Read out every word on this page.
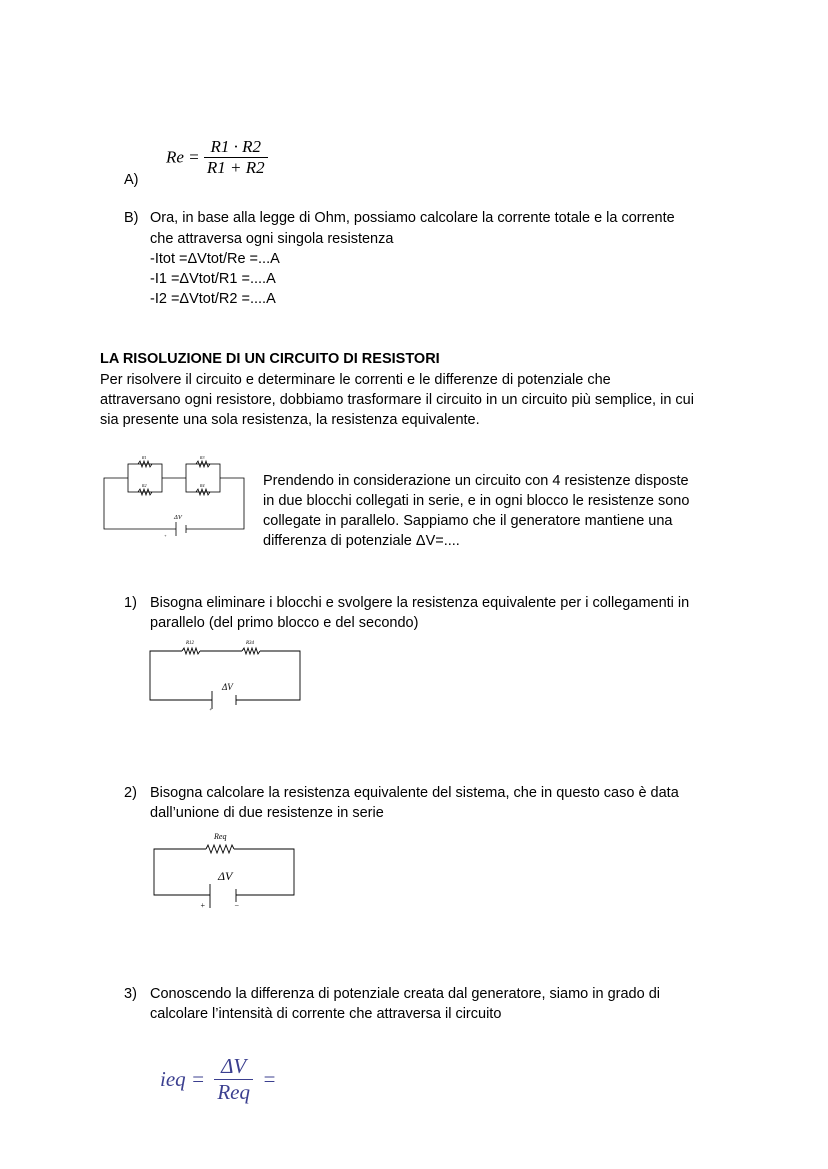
$Re = \frac{R1 \cdot R2}{R1 + R2}$
A)
B) Ora, in base alla legge di Ohm, possiamo calcolare la corrente totale e la corrente
che attraversa ogni singola resistenza
-Itot =ΔVtot/Re =...A
-I1 =ΔVtot/R1 =....A
-I2 =ΔVtot/R2 =....A
LA RISOLUZIONE DI UN CIRCUITO DI RESISTORI
Per risolvere il circuito e determinare le correnti e le differenze di potenziale che
attraversano ogni resistore, dobbiamo trasformare il circuito in un circuito più semplice, in cui
sia presente una sola resistenza, la resistenza equivalente.
R1
R2
R3
R4
ΔV
+
Prendendo in considerazione un circuito con 4 resistenze disposte
in due blocchi collegati in serie, e in ogni blocco le resistenze sono
collegate in parallelo. Sappiamo che il generatore mantiene una
differenza di potenziale ΔV=....
1) Bisogna eliminare i blocchi e svolgere la resistenza equivalente per i collegamenti in
parallelo (del primo blocco e del secondo)
R12	R34
ΔV
+
2) Bisogna calcolare la resistenza equivalente del sistema, che in questo caso è data
dall’unione di due resistenze in serie
Req
ΔV
+	−
3) Conoscendo la differenza di potenziale creata dal generatore, siamo in grado di
calcolare l’intensità di corrente che attraversa il circuito
ieq = $\frac{\Delta V}{\text{Req}}$ =
